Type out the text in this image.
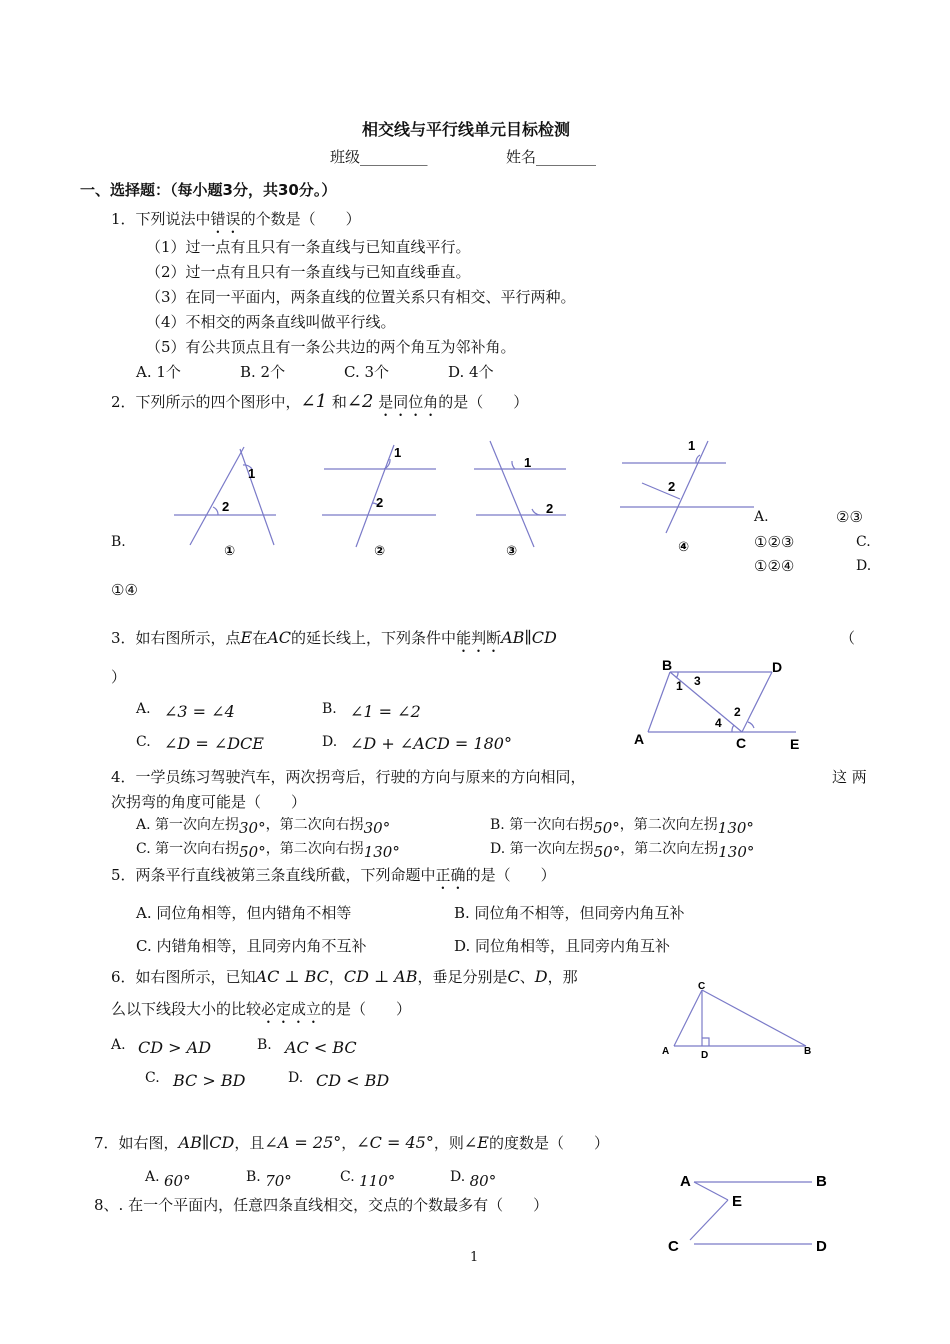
相交线与平行线单元目标检测
班级_________	姓名________
一、选择题：（每小题3分，共30分。）
1．下列说法中错误的个数是（　　）
（1）过一点有且只有一条直线与已知直线平行。
（2）过一点有且只有一条直线与已知直线垂直。
（3）在同一平面内，两条直线的位置关系只有相交、平行两种。
（4）不相交的两条直线叫做平行线。
（5）有公共顶点且有一条公共边的两个角互为邻补角。
A. 1个	B. 2个	C. 3个	D. 4个
2．下列所示的四个图形中，∠1 和∠2 是同位角的是（　　）
1
2
①
1
2
②
1
2
③
1
2
④
A.	②③
B.	①②③	C.
①②④	D.
①④
3．如右图所示，点E在AC的延长线上，下列条件中能判断AB∥CD	（
）
A. ∠3 = ∠4	B. ∠1 = ∠2
C. ∠D = ∠DCE	D. ∠D + ∠ACD = 180°
B	D
A	C	E
1 3
2
4
4．一学员练习驾驶汽车，两次拐弯后，行驶的方向与原来的方向相同，	这 两
次拐弯的角度可能是（　　）
A. 第一次向左拐30°，第二次向右拐30°	B. 第一次向右拐50°，第二次向左拐130°
C. 第一次向右拐50°，第二次向右拐130°	D. 第一次向左拐50°，第二次向左拐130°
5．两条平行直线被第三条直线所截，下列命题中正确的是（　　）
A. 同位角相等，但内错角不相等	B. 同位角不相等，但同旁内角互补
C. 内错角相等，且同旁内角不互补	D. 同位角相等，且同旁内角互补
6．如右图所示，已知AC ⊥ BC，CD ⊥ AB，垂足分别是C、D，那
么以下线段大小的比较必定成立的是（　　）
A. CD > AD	B. AC < BC
C. BC > BD	D. CD < BD
C
A	D	B
7．如右图，AB∥CD，且∠A = 25°，∠C = 45°，则∠E的度数是（　　）
A. 60°	B. 70°	C. 110°	D. 80°	A	B
E
C	D
8、. 在一个平面内，任意四条直线相交，交点的个数最多有（　　）
1
